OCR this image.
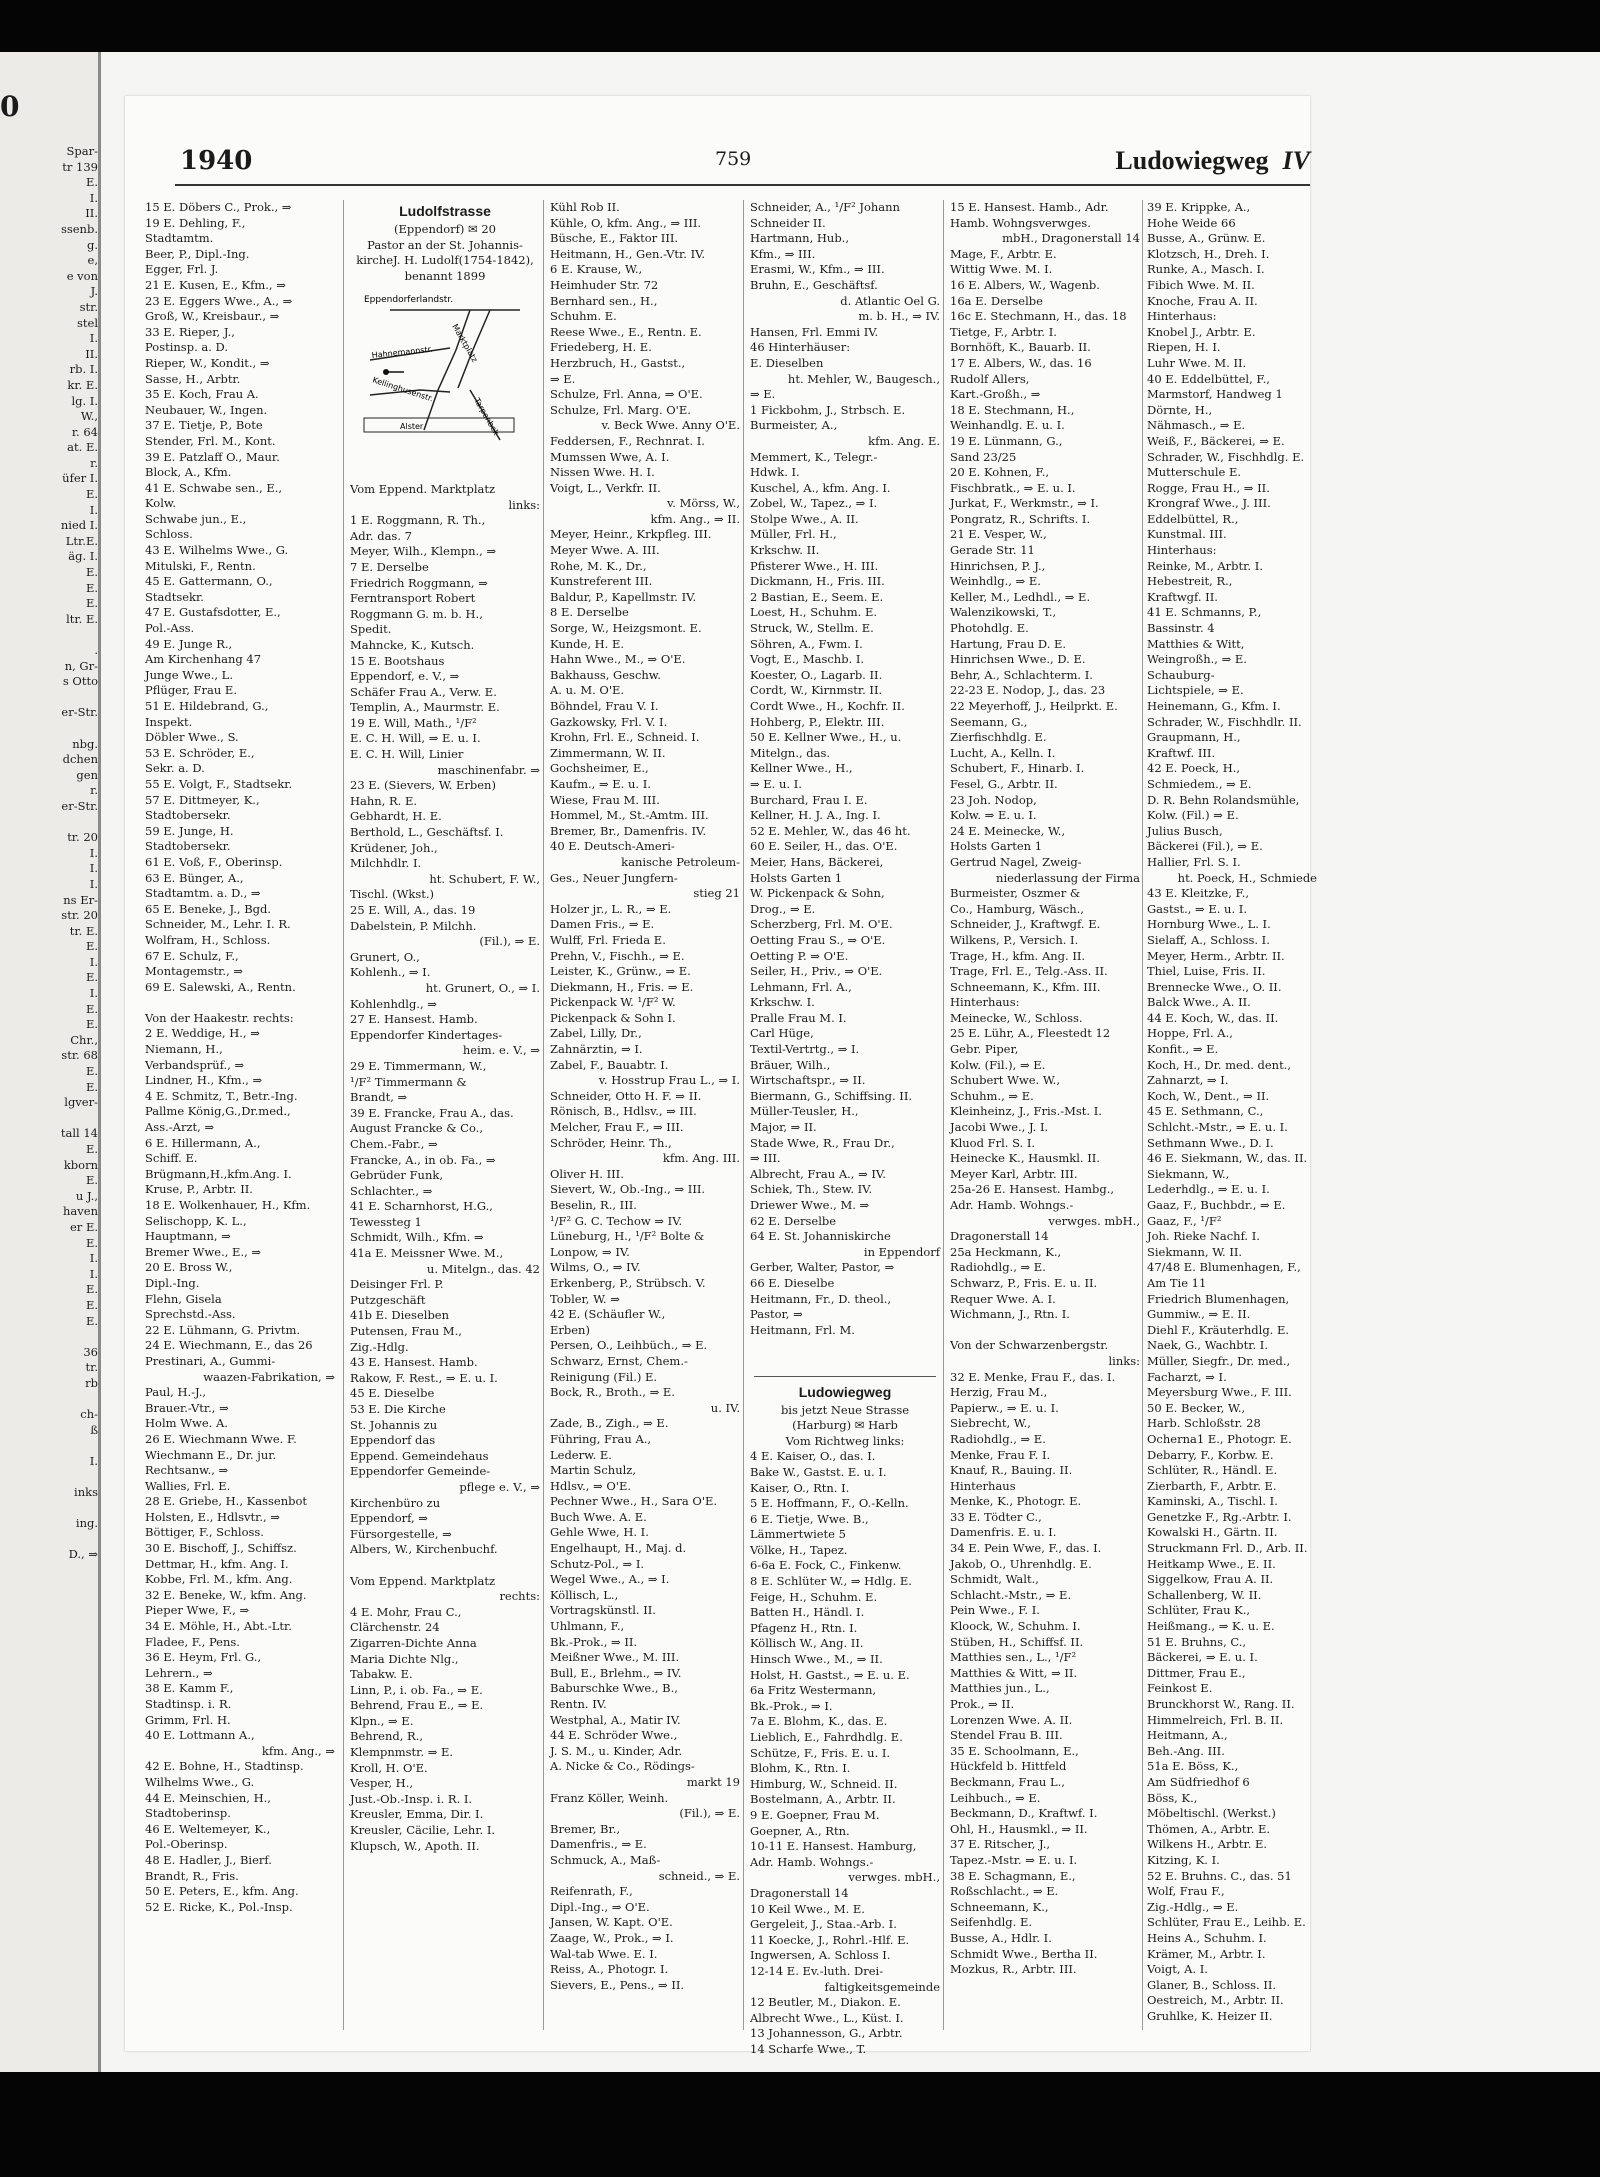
0
Spar-
tr 139
E.
I.
II.
ssenb.
g.
e,
e von
J.
str.
stel
I.
II.
rb. I.
kr. E.
lg. I.
W.,
r. 64
at. E.
r.
üfer I.
E.
I.
nied I.
Ltr.E.
äg. I.
E.
E.
E.
ltr. E.

.
n, Gr-
s Otto

er-Str.

nbg.
dchen
gen
r.
er-Str.

tr. 20
I.
I.
I.
ns Er-
str. 20
tr. E.
E.
I.
E.
I.
E.
E.
Chr.,
str. 68
E.
E.
lgver-

tall 14
E.
kborn
E.
u J.,
haven
er E.
E.
I.
I.
E.
E.
E.

36
tr.
rb

ch-
ß

I.

inks

ing.

D., ⇒
1940	759	Ludowiegweg IV
15 E. Döbers C., Prok., ⇒
19 E. Dehling, F.,
Stadtamtm.
Beer, P., Dipl.-Ing.
Egger, Frl. J.
21 E. Kusen, E., Kfm., ⇒
23 E. Eggers Wwe., A., ⇒
Groß, W., Kreisbaur., ⇒
33 E. Rieper, J.,
Postinsp. a. D.
Rieper, W., Kondit., ⇒
Sasse, H., Arbtr.
35 E. Koch, Frau A.
Neubauer, W., Ingen.
37 E. Tietje, P., Bote
Stender, Frl. M., Kont.
39 E. Patzlaff O., Maur.
Block, A., Kfm.
41 E. Schwabe sen., E.,
Kolw.
Schwabe jun., E.,
Schloss.
43 E. Wilhelms Wwe., G.
Mitulski, F., Rentn.
45 E. Gattermann, O.,
Stadtsekr.
47 E. Gustafsdotter, E.,
Pol.-Ass.
49 E. Junge R.,
Am Kirchenhang 47
Junge Wwe., L.
Pflüger, Frau E.
51 E. Hildebrand, G.,
Inspekt.
Döbler Wwe., S.
53 E. Schröder, E.,
Sekr. a. D.
55 E. Volgt, F., Stadtsekr.
57 E. Dittmeyer, K.,
Stadtobersekr.
59 E. Junge, H.
Stadtobersekr.
61 E. Voß, F., Oberinsp.
63 E. Bünger, A.,
Stadtamtm. a. D., ⇒
65 E. Beneke, J., Bgd.
Schneider, M., Lehr. I. R.
Wolfram, H., Schloss.
67 E. Schulz, F.,
Montagemstr., ⇒
69 E. Salewski, A., Rentn.

Von der Haakestr. rechts:
2 E. Weddige, H., ⇒
Niemann, H.,
Verbandsprüf., ⇒
Lindner, H., Kfm., ⇒
4 E. Schmitz, T., Betr.-Ing.
Pallme König,G.,Dr.med.,
Ass.-Arzt, ⇒
6 E. Hillermann, A.,
Schiff. E.
Brügmann,H.,kfm.Ang. I.
Kruse, P., Arbtr. II.
18 E. Wolkenhauer, H., Kfm.
Selischopp, K. L.,
Hauptmann, ⇒
Bremer Wwe., E., ⇒
20 E. Bross W.,
Dipl.-Ing.
Flehn, Gisela
Sprechstd.-Ass.
22 E. Lühmann, G. Privtm.
24 E. Wiechmann, E., das 26
Prestinari, A., Gummi-
waazen-Fabrikation, ⇒
Paul, H.-J.,
Brauer.-Vtr., ⇒
Holm Wwe. A.
26 E. Wiechmann Wwe. F.
Wiechmann E., Dr. jur.
Rechtsanw., ⇒
Wallies, Frl. E.
28 E. Griebe, H., Kassenbot
Holsten, E., Hdlsvtr., ⇒
Böttiger, F., Schloss.
30 E. Bischoff, J., Schiffsz.
Dettmar, H., kfm. Ang. I.
Kobbe, Frl. M., kfm. Ang.
32 E. Beneke, W., kfm. Ang.
Pieper Wwe, F., ⇒
34 E. Möhle, H., Abt.-Ltr.
Fladee, F., Pens.
36 E. Heym, Frl. G.,
Lehrern., ⇒
38 E. Kamm F.,
Stadtinsp. i. R.
Grimm, Frl. H.
40 E. Lottmann A.,
kfm. Ang., ⇒
42 E. Bohne, H., Stadtinsp.
Wilhelms Wwe., G.
44 E. Meinschien, H.,
Stadtoberinsp.
46 E. Weltemeyer, K.,
Pol.-Oberinsp.
48 E. Hadler, J., Bierf.
Brandt, R., Fris.
50 E. Peters, E., kfm. Ang.
52 E. Ricke, K., Pol.-Insp.
Ludolfstrasse
(Eppendorf) ✉ 20
Pastor an der St. Johannis-
kircheJ. H. Ludolf(1754-1842),
benannt 1899
Eppendorferlandstr.
Marktplatz
Hahnemannstr.
Kellinghusenstr.
Tarpenbek
Alster

Vom Eppend. Marktplatz
links:
1 E. Roggmann, R. Th.,
Adr. das. 7
Meyer, Wilh., Klempn., ⇒
7 E. Derselbe
Friedrich Roggmann, ⇒
Ferntransport Robert
Roggmann G. m. b. H.,
Spedit.
Mahncke, K., Kutsch.
15 E. Bootshaus
Eppendorf, e. V., ⇒
Schäfer Frau A., Verw. E.
Templin, A., Maurmstr. E.
19 E. Will, Math., ¹/F²
E. C. H. Will, ⇒ E. u. I.
E. C. H. Will, Linier
maschinenfabr. ⇒
23 E. (Sievers, W. Erben)
Hahn, R. E.
Gebhardt, H. E.
Berthold, L., Geschäftsf. I.
Krüdener, Joh.,
Milchhdlr. I.
ht. Schubert, F. W.,
Tischl. (Wkst.)
25 E. Will, A., das. 19
Dabelstein, P. Milchh.
(Fil.), ⇒ E.
Grunert, O.,
Kohlenh., ⇒ I.
ht. Grunert, O., ⇒ I.
Kohlenhdlg., ⇒
27 E. Hansest. Hamb.
Eppendorfer Kindertages-
heim. e. V., ⇒
29 E. Timmermann, W.,
¹/F² Timmermann &
Brandt, ⇒
39 E. Francke, Frau A., das.
August Francke & Co.,
Chem.-Fabr., ⇒
Francke, A., in ob. Fa., ⇒
Gebrüder Funk,
Schlachter., ⇒
41 E. Scharnhorst, H.G.,
Tewessteg 1
Schmidt, Wilh., Kfm. ⇒
41a E. Meissner Wwe. M.,
u. Mitelgn., das. 42
Deisinger Frl. P.
Putzgeschäft
41b E. Dieselben
Putensen, Frau M.,
Zig.-Hdlg.
43 E. Hansest. Hamb.
Rakow, F. Rest., ⇒ E. u. I.
45 E. Dieselbe
53 E. Die Kirche
St. Johannis zu
Eppendorf das
Eppend. Gemeindehaus
Eppendorfer Gemeinde-
pflege e. V., ⇒
Kirchenbüro zu
Eppendorf, ⇒
Fürsorgestelle, ⇒
Albers, W., Kirchenbuchf.

Vom Eppend. Marktplatz
rechts:
4 E. Mohr, Frau C.,
Clärchenstr. 24
Zigarren-Dichte Anna
Maria Dichte Nlg.,
Tabakw. E.
Linn, P., i. ob. Fa., ⇒ E.
Behrend, Frau E., ⇒ E.
Klpn., ⇒ E.
Behrend, R.,
Klempnmstr. ⇒ E.
Kroll, H. O'E.
Vesper, H.,
Just.-Ob.-Insp. i. R. I.
Kreusler, Emma, Dir. I.
Kreusler, Cäcilie, Lehr. I.
Klupsch, W., Apoth. II.
Kühl Rob II.
Kühle, O, kfm. Ang., ⇒ III.
Büsche, E., Faktor III.
Heitmann, H., Gen.-Vtr. IV.
6 E. Krause, W.,
Heimhuder Str. 72
Bernhard sen., H.,
Schuhm. E.
Reese Wwe., E., Rentn. E.
Friedeberg, H. E.
Herzbruch, H., Gastst.,
⇒ E.
Schulze, Frl. Anna, ⇒ O'E.
Schulze, Frl. Marg. O'E.
v. Beck Wwe. Anny O'E.
Feddersen, F., Rechnrat. I.
Mumssen Wwe, A. I.
Nissen Wwe. H. I.
Voigt, L., Verkfr. II.
v. Mörss, W.,
kfm. Ang., ⇒ II.
Meyer, Heinr., Krkpfleg. III.
Meyer Wwe. A. III.
Rohe, M. K., Dr.,
Kunstreferent III.
Baldur, P., Kapellmstr. IV.
8 E. Derselbe
Sorge, W., Heizgsmont. E.
Kunde, H. E.
Hahn Wwe., M., ⇒ O'E.
Bakhauss, Geschw.
A. u. M. O'E.
Böhndel, Frau V. I.
Gazkowsky, Frl. V. I.
Krohn, Frl. E., Schneid. I.
Zimmermann, W. II.
Gochsheimer, E.,
Kaufm., ⇒ E. u. I.
Wiese, Frau M. III.
Hommel, M., St.-Amtm. III.
Bremer, Br., Damenfris. IV.
40 E. Deutsch-Ameri-
kanische Petroleum-
Ges., Neuer Jungfern-
stieg 21
Holzer jr., L. R., ⇒ E.
Damen Fris., ⇒ E.
Wulff, Frl. Frieda E.
Prehn, V., Fischh., ⇒ E.
Leister, K., Grünw., ⇒ E.
Diekmann, H., Fris. ⇒ E.
Pickenpack W. ¹/F² W.
Pickenpack & Sohn I.
Zabel, Lilly, Dr.,
Zahnärztin, ⇒ I.
Zabel, F., Bauabtr. I.
v. Hosstrup Frau L., ⇒ I.
Schneider, Otto H. F. ⇒ II.
Rönisch, B., Hdlsv., ⇒ III.
Melcher, Frau F., ⇒ III.
Schröder, Heinr. Th.,
kfm. Ang. III.
Oliver H. III.
Sievert, W., Ob.-Ing., ⇒ III.
Beselin, R., III.
¹/F² G. C. Techow ⇒ IV.
Lüneburg, H., ¹/F² Bolte &
Lonpow, ⇒ IV.
Wilms, O., ⇒ IV.
Erkenberg, P., Strübsch. V.
Tobler, W. ⇒
42 E. (Schäufler W.,
Erben)
Persen, O., Leihbüch., ⇒ E.
Schwarz, Ernst, Chem.-
Reinigung (Fil.) E.
Bock, R., Broth., ⇒ E.
u. IV.
Zade, B., Zigh., ⇒ E.
Führing, Frau A.,
Lederw. E.
Martin Schulz,
Hdlsv., ⇒ O'E.
Pechner Wwe., H., Sara O'E.
Buch Wwe. A. E.
Gehle Wwe, H. I.
Engelhaupt, H., Maj. d.
Schutz-Pol., ⇒ I.
Wegel Wwe., A., ⇒ I.
Köllisch, L.,
Vortragskünstl. II.
Uhlmann, F.,
Bk.-Prok., ⇒ II.
Meißner Wwe., M. III.
Bull, E., Brlehm., ⇒ IV.
Baburschke Wwe., B.,
Rentn. IV.
Westphal, A., Matir IV.
44 E. Schröder Wwe.,
J. S. M., u. Kinder, Adr.
A. Nicke & Co., Rödings-
markt 19
Franz Köller, Weinh.
(Fil.), ⇒ E.
Bremer, Br.,
Damenfris., ⇒ E.
Schmuck, A., Maß-
schneid., ⇒ E.
Reifenrath, F.,
Dipl.-Ing., ⇒ O'E.
Jansen, W. Kapt. O'E.
Zaage, W., Prok., ⇒ I.
Wal-tab Wwe. E. I.
Reiss, A., Photogr. I.
Sievers, E., Pens., ⇒ II.
Schneider, A., ¹/F² Johann
Schneider II.
Hartmann, Hub.,
Kfm., ⇒ III.
Erasmi, W., Kfm., ⇒ III.
Bruhn, E., Geschäftsf.
d. Atlantic Oel G.
m. b. H., ⇒ IV.
Hansen, Frl. Emmi IV.
46 Hinterhäuser:
E. Dieselben
ht. Mehler, W., Baugesch.,
⇒ E.
1 Fickbohm, J., Strbsch. E.
Burmeister, A.,
kfm. Ang. E.
Memmert, K., Telegr.-
Hdwk. I.
Kuschel, A., kfm. Ang. I.
Zobel, W., Tapez., ⇒ I.
Stolpe Wwe., A. II.
Müller, Frl. H.,
Krkschw. II.
Pfisterer Wwe., H. III.
Dickmann, H., Fris. III.
2 Bastian, E., Seem. E.
Loest, H., Schuhm. E.
Struck, W., Stellm. E.
Söhren, A., Fwm. I.
Vogt, E., Maschb. I.
Koester, O., Lagarb. II.
Cordt, W., Kirnmstr. II.
Cordt Wwe., H., Kochfr. II.
Hohberg, P., Elektr. III.
50 E. Kellner Wwe., H., u.
Mitelgn., das.
Kellner Wwe., H.,
⇒ E. u. I.
Burchard, Frau I. E.
Kellner, H. J. A., Ing. I.
52 E. Mehler, W., das 46 ht.
60 E. Seiler, H., das. O'E.
Meier, Hans, Bäckerei,
Holsts Garten 1
W. Pickenpack & Sohn,
Drog., ⇒ E.
Scherzberg, Frl. M. O'E.
Oetting Frau S., ⇒ O'E.
Oetting P. ⇒ O'E.
Seiler, H., Priv., ⇒ O'E.
Lehmann, Frl. A.,
Krkschw. I.
Pralle Frau M. I.
Carl Hüge,
Textil-Vertrtg., ⇒ I.
Bräuer, Wilh.,
Wirtschaftspr., ⇒ II.
Biermann, G., Schiffsing. II.
Müller-Teusler, H.,
Major, ⇒ II.
Stade Wwe, R., Frau Dr.,
⇒ III.
Albrecht, Frau A., ⇒ IV.
Schiek, Th., Stew. IV.
Driewer Wwe., M. ⇒
62 E. Derselbe
64 E. St. Johanniskirche
in Eppendorf
Gerber, Walter, Pastor, ⇒
66 E. Dieselbe
Heitmann, Fr., D. theol.,
Pastor, ⇒
Heitmann, Frl. M.

Ludowiegweg
bis jetzt Neue Strasse
(Harburg) ✉ Harb
Vom Richtweg links:
4 E. Kaiser, O., das. I.
Bake W., Gastst. E. u. I.
Kaiser, O., Rtn. I.
5 E. Hoffmann, F., O.-Kelln.
6 E. Tietje, Wwe. B.,
Lämmertwiete 5
Völke, H., Tapez.
6-6a E. Fock, C., Finkenw.
8 E. Schlüter W., ⇒ Hdlg. E.
Feige, H., Schuhm. E.
Batten H., Händl. I.
Pfagenz H., Rtn. I.
Köllisch W., Ang. II.
Hinsch Wwe., M., ⇒ II.
Holst, H. Gastst., ⇒ E. u. E.
6a Fritz Westermann,
Bk.-Prok., ⇒ I.
7a E. Blohm, K., das. E.
Lieblich, E., Fahrdhdlg. E.
Schütze, F., Fris. E. u. I.
Blohm, K., Rtn. I.
Himburg, W., Schneid. II.
Bostelmann, A., Arbtr. II.
9 E. Goepner, Frau M.
Goepner, A., Rtn.
10-11 E. Hansest. Hamburg,
Adr. Hamb. Wohngs.-
verwges. mbH.,
Dragonerstall 14
10 Keil Wwe., M. E.
Gergeleit, J., Staa.-Arb. I.
11 Koecke, J., Rohrl.-Hlf. E.
Ingwersen, A. Schloss I.
12-14 E. Ev.-luth. Drei-
faltigkeitsgemeinde
12 Beutler, M., Diakon. E.
Albrecht Wwe., L., Küst. I.
13 Johannesson, G., Arbtr.
14 Scharfe Wwe., T.
15 E. Hansest. Hamb., Adr.
Hamb. Wohngsverwges.
mbH., Dragonerstall 14
Mage, F., Arbtr. E.
Wittig Wwe. M. I.
16 E. Albers, W., Wagenb.
16a E. Derselbe
16c E. Stechmann, H., das. 18
Tietge, F., Arbtr. I.
Bornhöft, K., Bauarb. II.
17 E. Albers, W., das. 16
Rudolf Allers,
Kart.-Großh., ⇒
18 E. Stechmann, H.,
Weinhandlg. E. u. I.
19 E. Lünmann, G.,
Sand 23/25
20 E. Kohnen, F.,
Fischbratk., ⇒ E. u. I.
Jurkat, F., Werkmstr., ⇒ I.
Pongratz, R., Schrifts. I.
21 E. Vesper, W.,
Gerade Str. 11
Hinrichsen, P. J.,
Weinhdlg., ⇒ E.
Keller, M., Ledhdl., ⇒ E.
Walenzikowski, T.,
Photohdlg. E.
Hartung, Frau D. E.
Hinrichsen Wwe., D. E.
Behr, A., Schlachterm. I.
22-23 E. Nodop, J., das. 23
22 Meyerhoff, J., Heilprkt. E.
Seemann, G.,
Zierfischhdlg. E.
Lucht, A., Kelln. I.
Schubert, F., Hinarb. I.
Fesel, G., Arbtr. II.
23 Joh. Nodop,
Kolw. ⇒ E. u. I.
24 E. Meinecke, W.,
Holsts Garten 1
Gertrud Nagel, Zweig-
niederlassung der Firma
Burmeister, Oszmer &
Co., Hamburg, Wäsch.,
Schneider, J., Kraftwgf. E.
Wilkens, P., Versich. I.
Trage, H., kfm. Ang. II.
Trage, Frl. E., Telg.-Ass. II.
Schneemann, K., Kfm. III.
Hinterhaus:
Meinecke, W., Schloss.
25 E. Lühr, A., Fleestedt 12
Gebr. Piper,
Kolw. (Fil.), ⇒ E.
Schubert Wwe. W.,
Schuhm., ⇒ E.
Kleinheinz, J., Fris.-Mst. I.
Jacobi Wwe., J. I.
Kluod Frl. S. I.
Heinecke K., Hausmkl. II.
Meyer Karl, Arbtr. III.
25a-26 E. Hansest. Hambg.,
Adr. Hamb. Wohngs.-
verwges. mbH.,
Dragonerstall 14
25a Heckmann, K.,
Radiohdlg., ⇒ E.
Schwarz, P., Fris. E. u. II.
Requer Wwe. A. I.
Wichmann, J., Rtn. I.

Von der Schwarzenbergstr.
links:
32 E. Menke, Frau F., das. I.
Herzig, Frau M.,
Papierw., ⇒ E. u. I.
Siebrecht, W.,
Radiohdlg., ⇒ E.
Menke, Frau F. I.
Knauf, R., Bauing. II.
Hinterhaus
Menke, K., Photogr. E.
33 E. Tödter C.,
Damenfris. E. u. I.
34 E. Pein Wwe, F., das. I.
Jakob, O., Uhrenhdlg. E.
Schmidt, Walt.,
Schlacht.-Mstr., ⇒ E.
Pein Wwe., F. I.
Kloock, W., Schuhm. I.
Stüben, H., Schiffsf. II.
Matthies sen., L., ¹/F²
Matthies & Witt, ⇒ II.
Matthies jun., L.,
Prok., ⇒ II.
Lorenzen Wwe. A. II.
Stendel Frau B. III.
35 E. Schoolmann, E.,
Hückfeld b. Hittfeld
Beckmann, Frau L.,
Leihbuch., ⇒ E.
Beckmann, D., Kraftwf. I.
Ohl, H., Hausmkl., ⇒ II.
37 E. Ritscher, J.,
Tapez.-Mstr. ⇒ E. u. I.
38 E. Schagmann, E.,
Roßschlacht., ⇒ E.
Schneemann, K.,
Seifenhdlg. E.
Busse, A., Hdlr. I.
Schmidt Wwe., Bertha II.
Mozkus, R., Arbtr. III.
39 E. Krippke, A.,
Hohe Weide 66
Busse, A., Grünw. E.
Klotzsch, H., Dreh. I.
Runke, A., Masch. I.
Fibich Wwe. M. II.
Knoche, Frau A. II.
Hinterhaus:
Knobel J., Arbtr. E.
Riepen, H. I.
Luhr Wwe. M. II.
40 E. Eddelbüttel, F.,
Marmstorf, Handweg 1
Dörnte, H.,
Nähmasch., ⇒ E.
Weiß, F., Bäckerei, ⇒ E.
Schrader, W., Fischhdlg. E.
Mutterschule E.
Rogge, Frau H., ⇒ II.
Krongraf Wwe., J. III.
Eddelbüttel, R.,
Kunstmal. III.
Hinterhaus:
Reinke, M., Arbtr. I.
Hebestreit, R.,
Kraftwgf. II.
41 E. Schmanns, P.,
Bassinstr. 4
Matthies & Witt,
Weingroßh., ⇒ E.
Schauburg-
Lichtspiele, ⇒ E.
Heinemann, G., Kfm. I.
Schrader, W., Fischhdlr. II.
Graupmann, H.,
Kraftwf. III.
42 E. Poeck, H.,
Schmiedem., ⇒ E.
D. R. Behn Rolandsmühle,
Kolw. (Fil.) ⇒ E.
Julius Busch,
Bäckerei (Fil.), ⇒ E.
Hallier, Frl. S. I.
ht. Poeck, H., Schmiede
43 E. Kleitzke, F.,
Gastst., ⇒ E. u. I.
Hornburg Wwe., L. I.
Sielaff, A., Schloss. I.
Meyer, Herm., Arbtr. II.
Thiel, Luise, Fris. II.
Brennecke Wwe., O. II.
Balck Wwe., A. II.
44 E. Koch, W., das. II.
Hoppe, Frl. A.,
Konfit., ⇒ E.
Koch, H., Dr. med. dent.,
Zahnarzt, ⇒ I.
Koch, W., Dent., ⇒ II.
45 E. Sethmann, C.,
Schlcht.-Mstr., ⇒ E. u. I.
Sethmann Wwe., D. I.
46 E. Siekmann, W., das. II.
Siekmann, W.,
Lederhdlg., ⇒ E. u. I.
Gaaz, F., Buchbdr., ⇒ E.
Gaaz, F., ¹/F²
Joh. Rieke Nachf. I.
Siekmann, W. II.
47/48 E. Blumenhagen, F.,
Am Tie 11
Friedrich Blumenhagen,
Gummiw., ⇒ E. II.
Diehl F., Kräuterhdlg. E.
Naek, G., Wachbtr. I.
Müller, Siegfr., Dr. med.,
Facharzt, ⇒ I.
Meyersburg Wwe., F. III.
50 E. Becker, W.,
Harb. Schloßstr. 28
Ocherna1 E., Photogr. E.
Debarry, F., Korbw. E.
Schlüter, R., Händl. E.
Zierbarth, F., Arbtr. E.
Kaminski, A., Tischl. I.
Genetzke F., Rg.-Arbtr. I.
Kowalski H., Gärtn. II.
Struckmann Frl. D., Arb. II.
Heitkamp Wwe., E. II.
Siggelkow, Frau A. II.
Schallenberg, W. II.
Schlüter, Frau K.,
Heißmang., ⇒ K. u. E.
51 E. Bruhns, C.,
Bäckerei, ⇒ E. u. I.
Dittmer, Frau E.,
Feinkost E.
Brunckhorst W., Rang. II.
Himmelreich, Frl. B. II.
Heitmann, A.,
Beh.-Ang. III.
51a E. Böss, K.,
Am Südfriedhof 6
Böss, K.,
Möbeltischl. (Werkst.)
Thömen, A., Arbtr. E.
Wilkens H., Arbtr. E.
Kitzing, K. I.
52 E. Bruhns. C., das. 51
Wolf, Frau F.,
Zig.-Hdlg., ⇒ E.
Schlüter, Frau E., Leihb. E.
Heins A., Schuhm. I.
Krämer, M., Arbtr. I.
Voigt, A. I.
Glaner, B., Schloss. II.
Oestreich, M., Arbtr. II.
Gruhlke, K. Heizer II.
